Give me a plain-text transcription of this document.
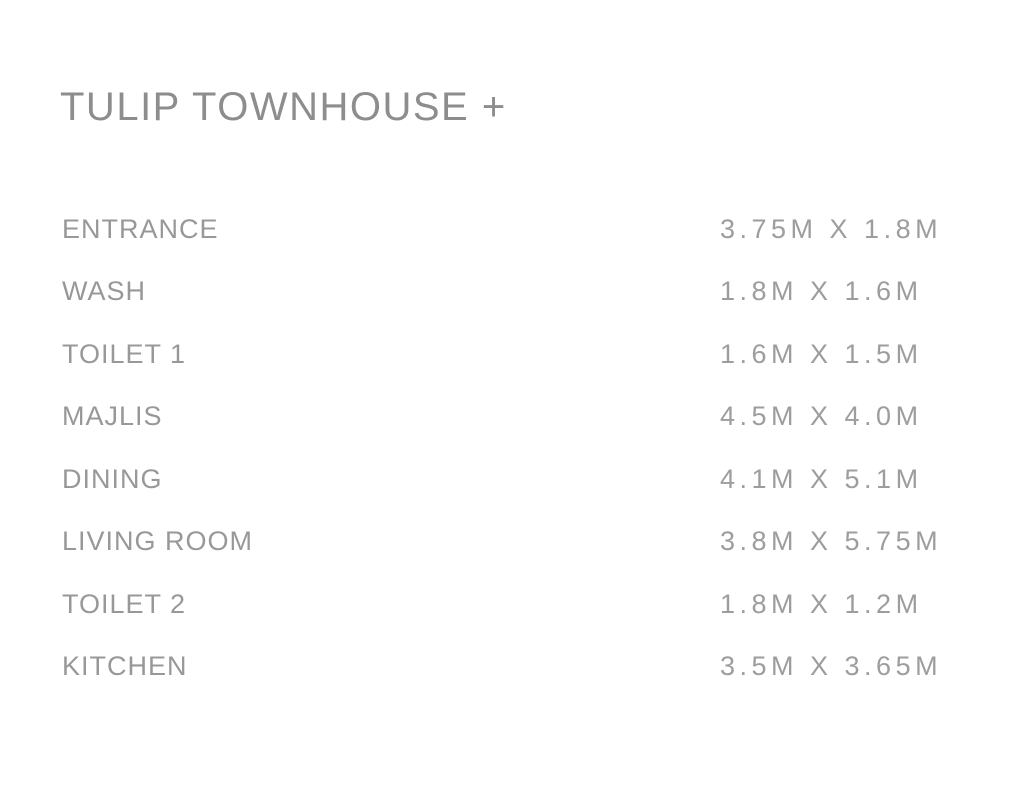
TULIP TOWNHOUSE +
ENTRANCE	3.75M X 1.8M
WASH	1.8M X 1.6M
TOILET 1	1.6M X 1.5M
MAJLIS	4.5M X 4.0M
DINING	4.1M X 5.1M
LIVING ROOM	3.8M X 5.75M
TOILET 2	1.8M X 1.2M
KITCHEN	3.5M X 3.65M
